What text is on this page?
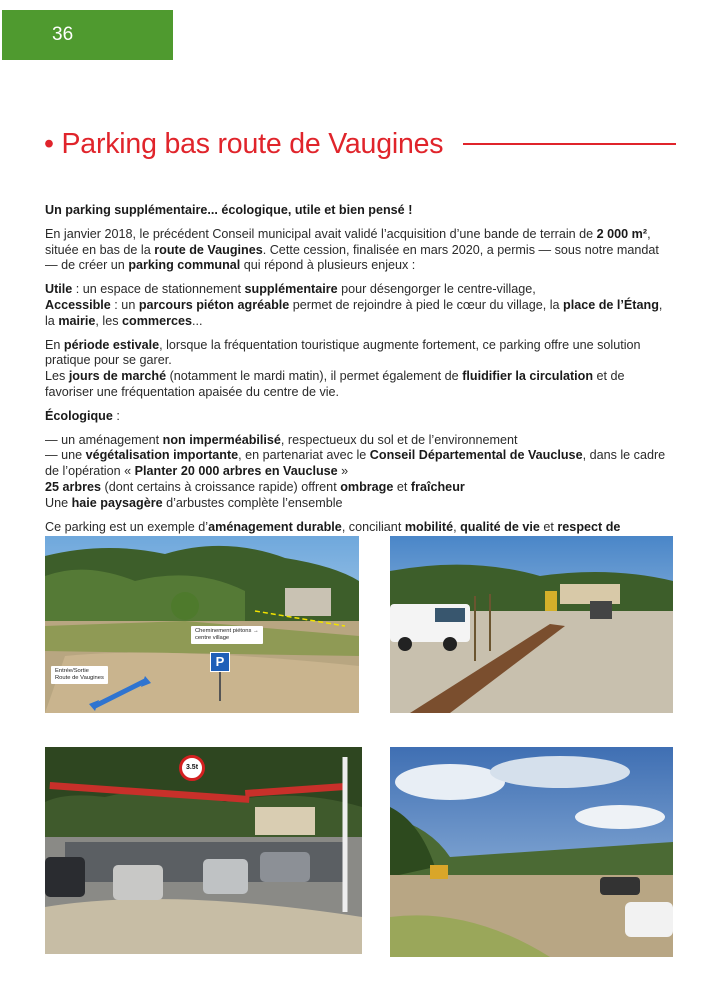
36
• Parking bas route de Vaugines

Un parking supplémentaire... écologique, utile et bien pensé !

En janvier 2018, le précédent Conseil municipal avait validé l’acquisition d’une bande de terrain de 2 000 m², située en bas de la route de Vaugines. Cette cession, finalisée en mars 2020, a permis — sous notre mandat — de créer un parking communal qui répond à plusieurs enjeux :

Utile : un espace de stationnement supplémentaire pour désengorger le centre-village,

Accessible : un parcours piéton agréable permet de rejoindre à pied le cœur du village, la place de l’Étang, la mairie, les commerces...

En période estivale, lorsque la fréquentation touristique augmente fortement, ce parking offre une solution pratique pour se garer.

Les jours de marché (notamment le mardi matin), il permet également de fluidifier la circulation et de favoriser une fréquentation apaisée du centre de vie.

Écologique :

— un aménagement non imperméabilisé, respectueux du sol et de l’environnement

— une végétalisation importante, en partenariat avec le Conseil Départemental de Vaucluse, dans le cadre de l’opération « Planter 20 000 arbres en Vaucluse »

25 arbres (dont certains à croissance rapide) offrent ombrage et fraîcheur

Une haie paysagère d’arbustes complète l’ensemble

Ce parking est un exemple d’aménagement durable, conciliant mobilité, qualité de vie et respect de

Cheminement piétons →
centre village
P
Entrée/Sortie
Route de Vaugines
3.5t
